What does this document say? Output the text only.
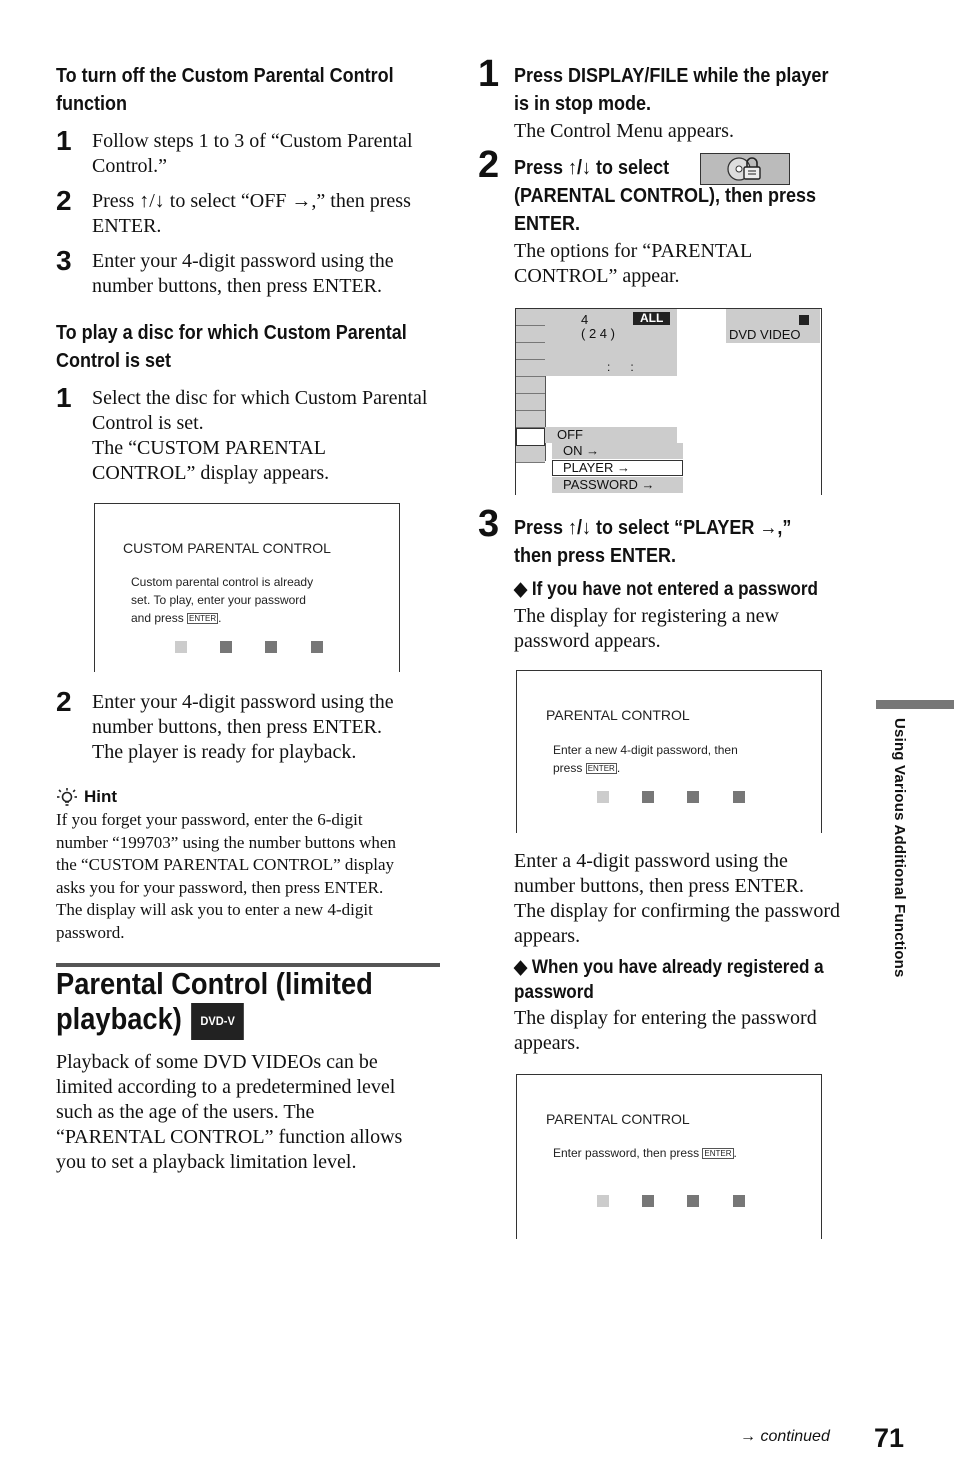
To turn off the Custom Parental Control
function
1 Follow steps 1 to 3 of “Custom Parental
Control.”
2 Press ↑/↓ to select “OFF →,” then press
ENTER.
3 Enter your 4-digit password using the
number buttons, then press ENTER.
To play a disc for which Custom Parental
Control is set
1 Select the disc for which Custom Parental
Control is set.
The “CUSTOM PARENTAL
CONTROL” display appears.
CUSTOM PARENTAL CONTROL
Custom parental control is already
set. To play, enter your password
and press ENTER .
2 Enter your 4-digit password using the
number buttons, then press ENTER.
The player is ready for playback.
Hint
If you forget your password, enter the 6-digit
number “199703” using the number buttons when
the “CUSTOM PARENTAL CONTROL” display
asks you for your password, then press ENTER.
The display will ask you to enter a new 4-digit
password.
Parental Control (limited
playback) DVD-V
Playback of some DVD VIDEOs can be
limited according to a predetermined level
such as the age of the users. The
“PARENTAL CONTROL” function allows
you to set a playback limitation level.
1 Press DISPLAY/FILE while the player
is in stop mode.
The Control Menu appears.
2 Press ↑/↓ to select
(PARENTAL CONTROL), then press
ENTER.
The options for “PARENTAL
CONTROL” appear.
4	ALL
( 2 4 )
:      :
DVD VIDEO
OFF
ON →
PLAYER →
PASSWORD →
3 Press ↑/↓ to select “PLAYER →,”
then press ENTER.
◆ If you have not entered a password
The display for registering a new
password appears.
PARENTAL CONTROL
Enter a new 4-digit password, then
press ENTER .
Enter a 4-digit password using the
number buttons, then press ENTER.
The display for confirming the password
appears.
◆ When you have already registered a
password
The display for entering the password
appears.
PARENTAL CONTROL
Enter password, then press ENTER .
Using Various Additional Functions
→ continued 71
